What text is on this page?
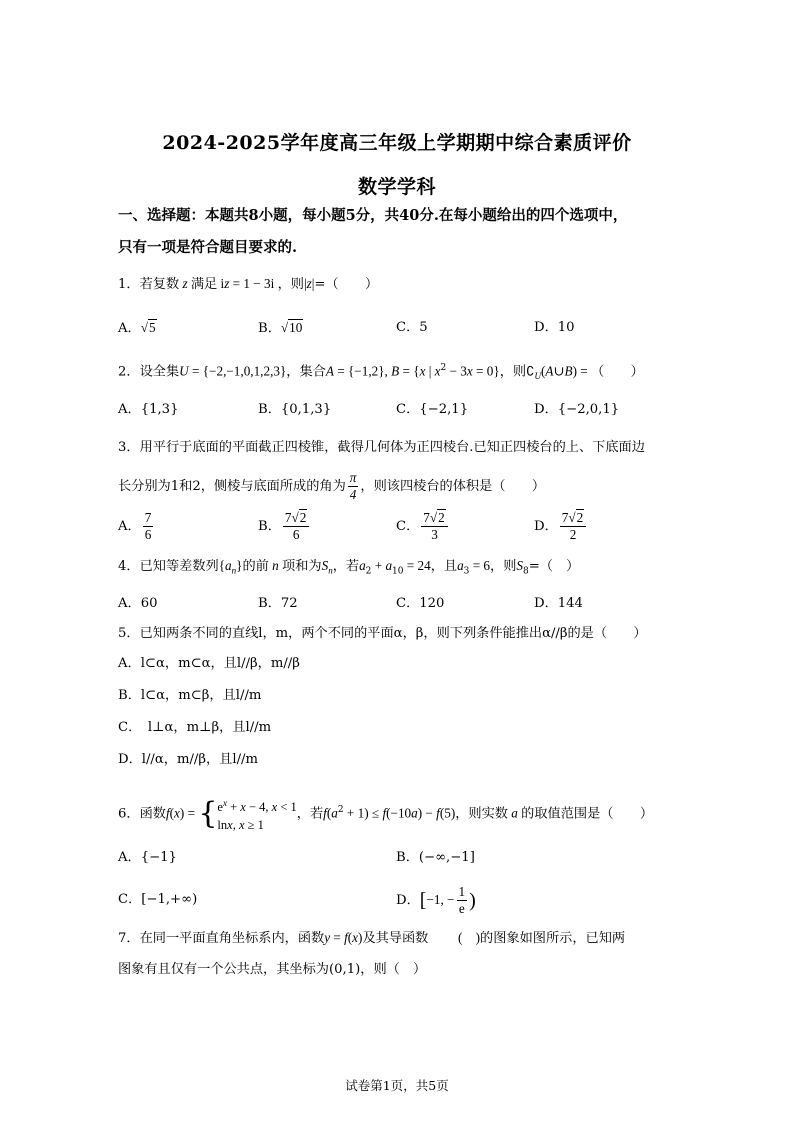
2024-2025学年度高三年级上学期期中综合素质评价
数学学科
一、选择题：本题共8小题，每小题5分，共40分.在每小题给出的四个选项中，
只有一项是符合题目要求的.
1．若复数 z 满足 iz = 1 − 3i ，则|z|=（　　）
A．√5	B．√10	C．5	D．10
2．设全集U = {−2,−1,0,1,2,3}，集合A = {−1,2}, B = {x | $x^2 - 3x = 0$}，则$∁_U(A\cup B)$ = （　　）
A．{1,3}	B．{0,1,3}	C．{−2,1}	D．{−2,0,1}
3．用平行于底面的平面截正四棱锥，截得几何体为正四棱台.已知正四棱台的上、下底面边
长分别为1和2，侧棱与底面所成的角为 $\frac{\pi}{4}$ ，则该四棱台的体积是（　　）
A． $\frac{7}{6}$	B． $\frac{7√2}{6}$	C． $\frac{7√2}{3}$	D． $\frac{7√2}{2}$
4．已知等差数列$\{a_n\}$的前 n 项和为$S_n$，若$a_2 + a_{10} = 24$，且$a_3 = 6$，则$S_8=$（　）
A．60	B．72	C．120	D．144
5．已知两条不同的直线l，m，两个不同的平面α，β，则下列条件能推出α//β的是（　　）
A．l⊂α，m⊂α，且l//β，m//β
B．l⊂α，m⊂β，且l//m
C．　l⊥α，m⊥β，且l//m
D．l//α，m//β，且l//m
6．函数f(x) = { $e^x + x - 4$, x < 1
lnx, x ≥ 1
，若$f(a^2 + 1) \le f(-10a) - f(5)$，则实数 a 的取值范围是（　　）
A．{−1}	B．(−∞,−1]
C．[−1,+∞)	D．[−1, − $\frac{1}{e}$ )
7．在同一平面直角坐标系内，函数y = f(x)及其导函数　　 (　)的图象如图所示，已知两
图象有且仅有一个公共点，其坐标为(0,1)，则（　）
试卷第1页，共5页
